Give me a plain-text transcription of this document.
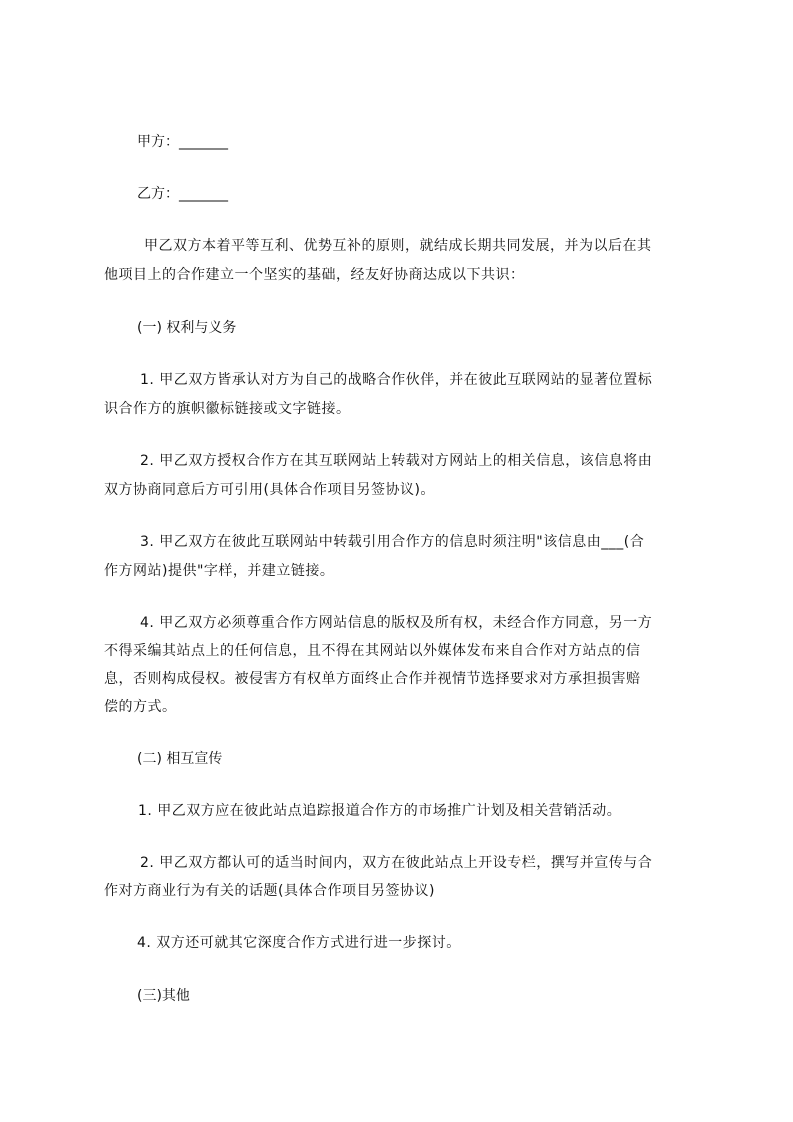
甲方：_______

乙方：_______

甲乙双方本着平等互利、优势互补的原则，就结成长期共同发展，并为以后在其

他项目上的合作建立一个坚实的基础，经友好协商达成以下共识：

(一) 权利与义务

1. 甲乙双方皆承认对方为自己的战略合作伙伴，并在彼此互联网站的显著位置标

识合作方的旗帜徽标链接或文字链接。

2. 甲乙双方授权合作方在其互联网站上转载对方网站上的相关信息，该信息将由

双方协商同意后方可引用(具体合作项目另签协议)。

3. 甲乙双方在彼此互联网站中转载引用合作方的信息时须注明"该信息由___(合

作方网站)提供"字样，并建立链接。

4. 甲乙双方必须尊重合作方网站信息的版权及所有权，未经合作方同意，另一方

不得采编其站点上的任何信息，且不得在其网站以外媒体发布来自合作对方站点的信

息，否则构成侵权。被侵害方有权单方面终止合作并视情节选择要求对方承担损害赔

偿的方式。

(二) 相互宣传

1. 甲乙双方应在彼此站点追踪报道合作方的市场推广计划及相关营销活动。

2. 甲乙双方都认可的适当时间内，双方在彼此站点上开设专栏，撰写并宣传与合

作对方商业行为有关的话题(具体合作项目另签协议)

4. 双方还可就其它深度合作方式进行进一步探讨。

(三)其他
